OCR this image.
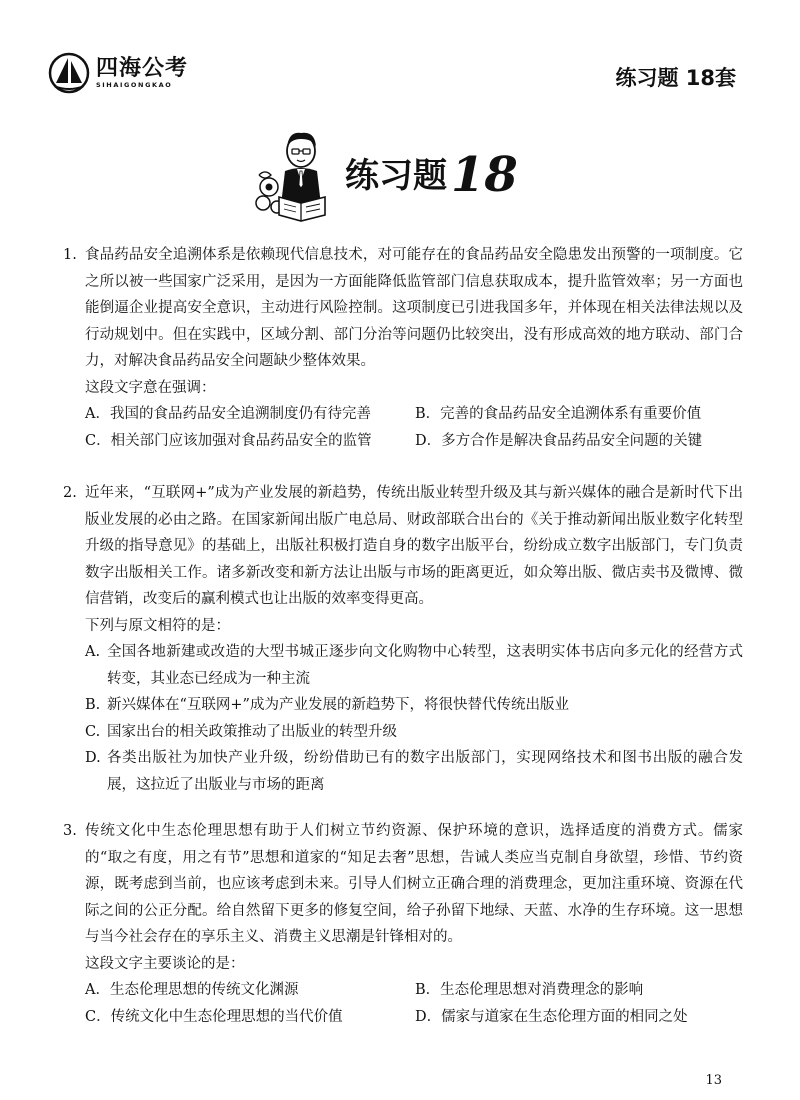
四海公考
SIHAIGONGKAO	练习题 18套
练习题18
1. 食品药品安全追溯体系是依赖现代信息技术，对可能存在的食品药品安全隐患发出预警的一项制度。它之所以被一些国家广泛采用，是因为一方面能降低监管部门信息获取成本，提升监管效率；另一方面也能倒逼企业提高安全意识，主动进行风险控制。这项制度已引进我国多年，并体现在相关法律法规以及行动规划中。但在实践中，区域分割、部门分治等问题仍比较突出，没有形成高效的地方联动、部门合力，对解决食品药品安全问题缺少整体效果。
这段文字意在强调：
A．我国的食品药品安全追溯制度仍有待完善	B．完善的食品药品安全追溯体系有重要价值
C．相关部门应该加强对食品药品安全的监管	D．多方合作是解决食品药品安全问题的关键
2. 近年来，“互联网+”成为产业发展的新趋势，传统出版业转型升级及其与新兴媒体的融合是新时代下出版业发展的必由之路。在国家新闻出版广电总局、财政部联合出台的《关于推动新闻出版业数字化转型升级的指导意见》的基础上，出版社积极打造自身的数字出版平台，纷纷成立数字出版部门，专门负责数字出版相关工作。诸多新改变和新方法让出版与市场的距离更近，如众筹出版、微店卖书及微博、微信营销，改变后的赢利模式也让出版的效率变得更高。
下列与原文相符的是：
A. 全国各地新建或改造的大型书城正逐步向文化购物中心转型，这表明实体书店向多元化的经营方式转变，其业态已经成为一种主流
B. 新兴媒体在“互联网+”成为产业发展的新趋势下，将很快替代传统出版业
C. 国家出台的相关政策推动了出版业的转型升级
D. 各类出版社为加快产业升级，纷纷借助已有的数字出版部门，实现网络技术和图书出版的融合发展，这拉近了出版业与市场的距离
3. 传统文化中生态伦理思想有助于人们树立节约资源、保护环境的意识，选择适度的消费方式。儒家的“取之有度，用之有节”思想和道家的“知足去奢”思想，告诫人类应当克制自身欲望，珍惜、节约资源，既考虑到当前，也应该考虑到未来。引导人们树立正确合理的消费理念，更加注重环境、资源在代际之间的公正分配。给自然留下更多的修复空间，给子孙留下地绿、天蓝、水净的生存环境。这一思想与当今社会存在的享乐主义、消费主义思潮是针锋相对的。
这段文字主要谈论的是：
A．生态伦理思想的传统文化渊源	B．生态伦理思想对消费理念的影响
C．传统文化中生态伦理思想的当代价值	D．儒家与道家在生态伦理方面的相同之处
13
